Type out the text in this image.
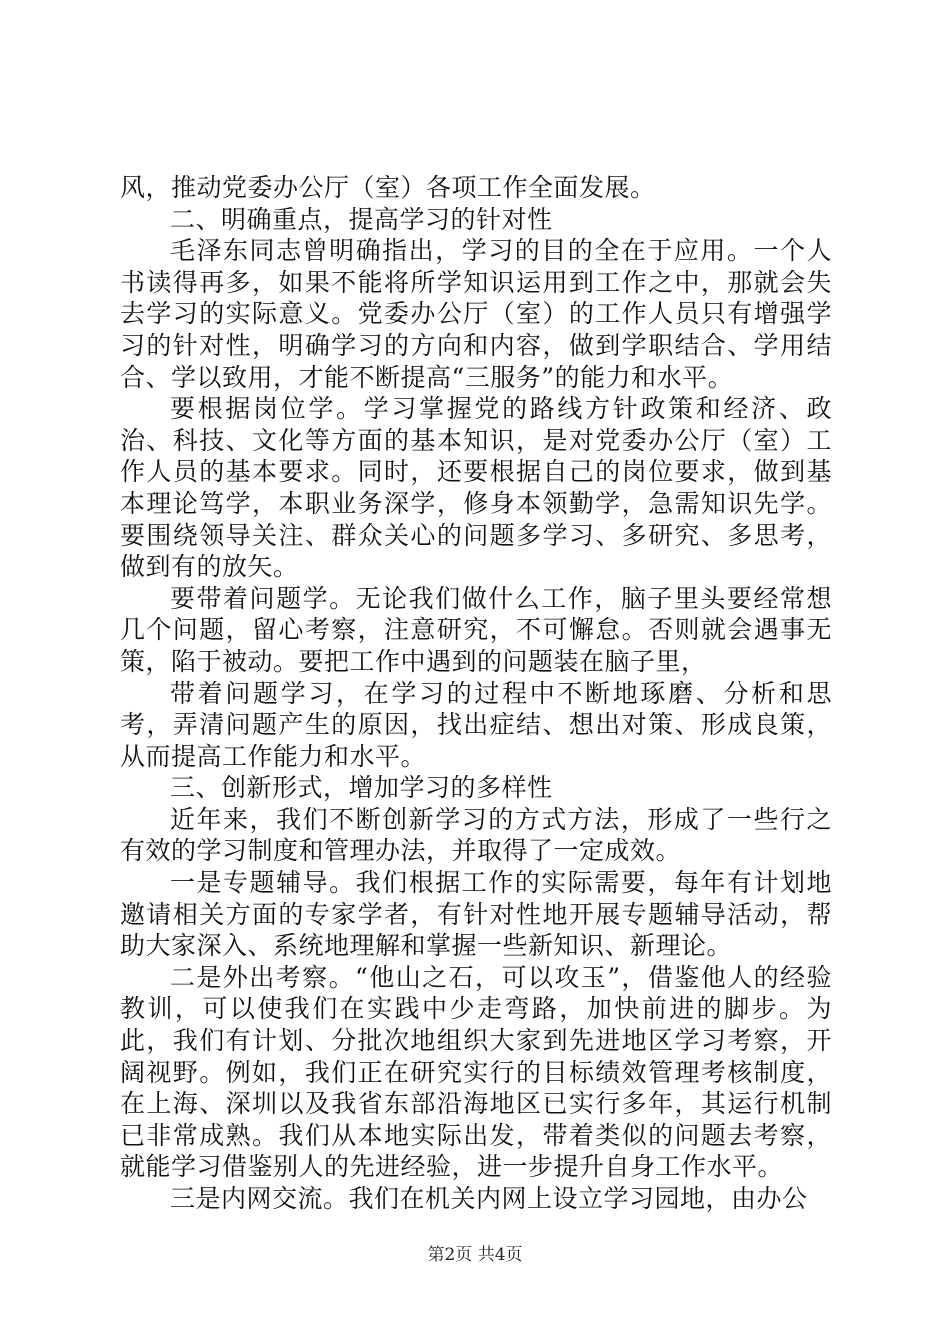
风，推动党委办公厅（室）各项工作全面发展。

二、明确重点，提高学习的针对性

毛泽东同志曾明确指出，学习的目的全在于应用。一个人书读得再多，如果不能将所学知识运用到工作之中，那就会失去学习的实际意义。党委办公厅（室）的工作人员只有增强学习的针对性，明确学习的方向和内容，做到学职结合、学用结合、学以致用，才能不断提高“三服务”的能力和水平。

要根据岗位学。学习掌握党的路线方针政策和经济、政治、科技、文化等方面的基本知识，是对党委办公厅（室）工作人员的基本要求。同时，还要根据自己的岗位要求，做到基本理论笃学，本职业务深学，修身本领勤学，急需知识先学。要围绕领导关注、群众关心的问题多学习、多研究、多思考，做到有的放矢。

要带着问题学。无论我们做什么工作，脑子里头要经常想几个问题，留心考察，注意研究，不可懈怠。否则就会遇事无策，陷于被动。要把工作中遇到的问题装在脑子里，

带着问题学习，在学习的过程中不断地琢磨、分析和思考，弄清问题产生的原因，找出症结、想出对策、形成良策，从而提高工作能力和水平。

三、创新形式，增加学习的多样性

近年来，我们不断创新学习的方式方法，形成了一些行之有效的学习制度和管理办法，并取得了一定成效。

一是专题辅导。我们根据工作的实际需要，每年有计划地邀请相关方面的专家学者，有针对性地开展专题辅导活动，帮助大家深入、系统地理解和掌握一些新知识、新理论。

二是外出考察。“他山之石，可以攻玉”，借鉴他人的经验教训，可以使我们在实践中少走弯路，加快前进的脚步。为此，我们有计划、分批次地组织大家到先进地区学习考察，开阔视野。例如，我们正在研究实行的目标绩效管理考核制度，在上海、深圳以及我省东部沿海地区已实行多年，其运行机制已非常成熟。我们从本地实际出发，带着类似的问题去考察，就能学习借鉴别人的先进经验，进一步提升自身工作水平。

三是内网交流。我们在机关内网上设立学习园地，由办公

第2页 共4页
